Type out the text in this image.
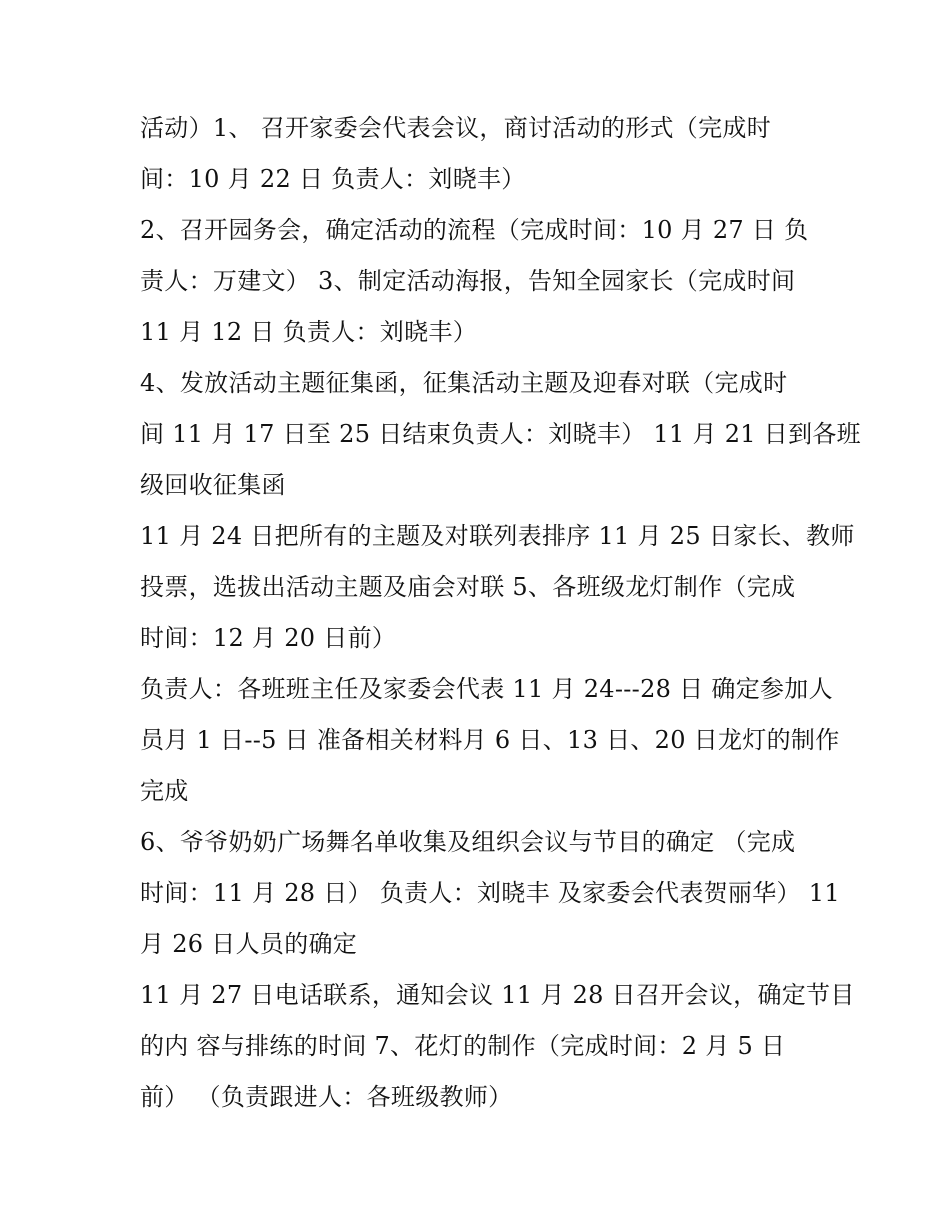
活动）1、 召开家委会代表会议，商讨活动的形式（完成时
间：10 月 22 日 负责人：刘晓丰）
2、召开园务会，确定活动的流程（完成时间：10 月 27 日 负
责人：万建文） 3、制定活动海报，告知全园家长（完成时间
11 月 12 日 负责人：刘晓丰）
4、发放活动主题征集函，征集活动主题及迎春对联（完成时
间 11 月 17 日至 25 日结束负责人：刘晓丰） 11 月 21 日到各班
级回收征集函
11 月 24 日把所有的主题及对联列表排序 11 月 25 日家长、教师
投票，选拔出活动主题及庙会对联 5、各班级龙灯制作（完成
时间：12 月 20 日前）
负责人：各班班主任及家委会代表 11 月 24---28 日 确定参加人
员月 1 日--5 日 准备相关材料月 6 日、13 日、20 日龙灯的制作
完成
6、爷爷奶奶广场舞名单收集及组织会议与节目的确定 （完成
时间：11 月 28 日） 负责人：刘晓丰 及家委会代表贺丽华） 11
月 26 日人员的确定
11 月 27 日电话联系，通知会议 11 月 28 日召开会议，确定节目
的内 容与排练的时间 7、花灯的制作（完成时间：2 月 5 日
前） （负责跟进人：各班级教师）
